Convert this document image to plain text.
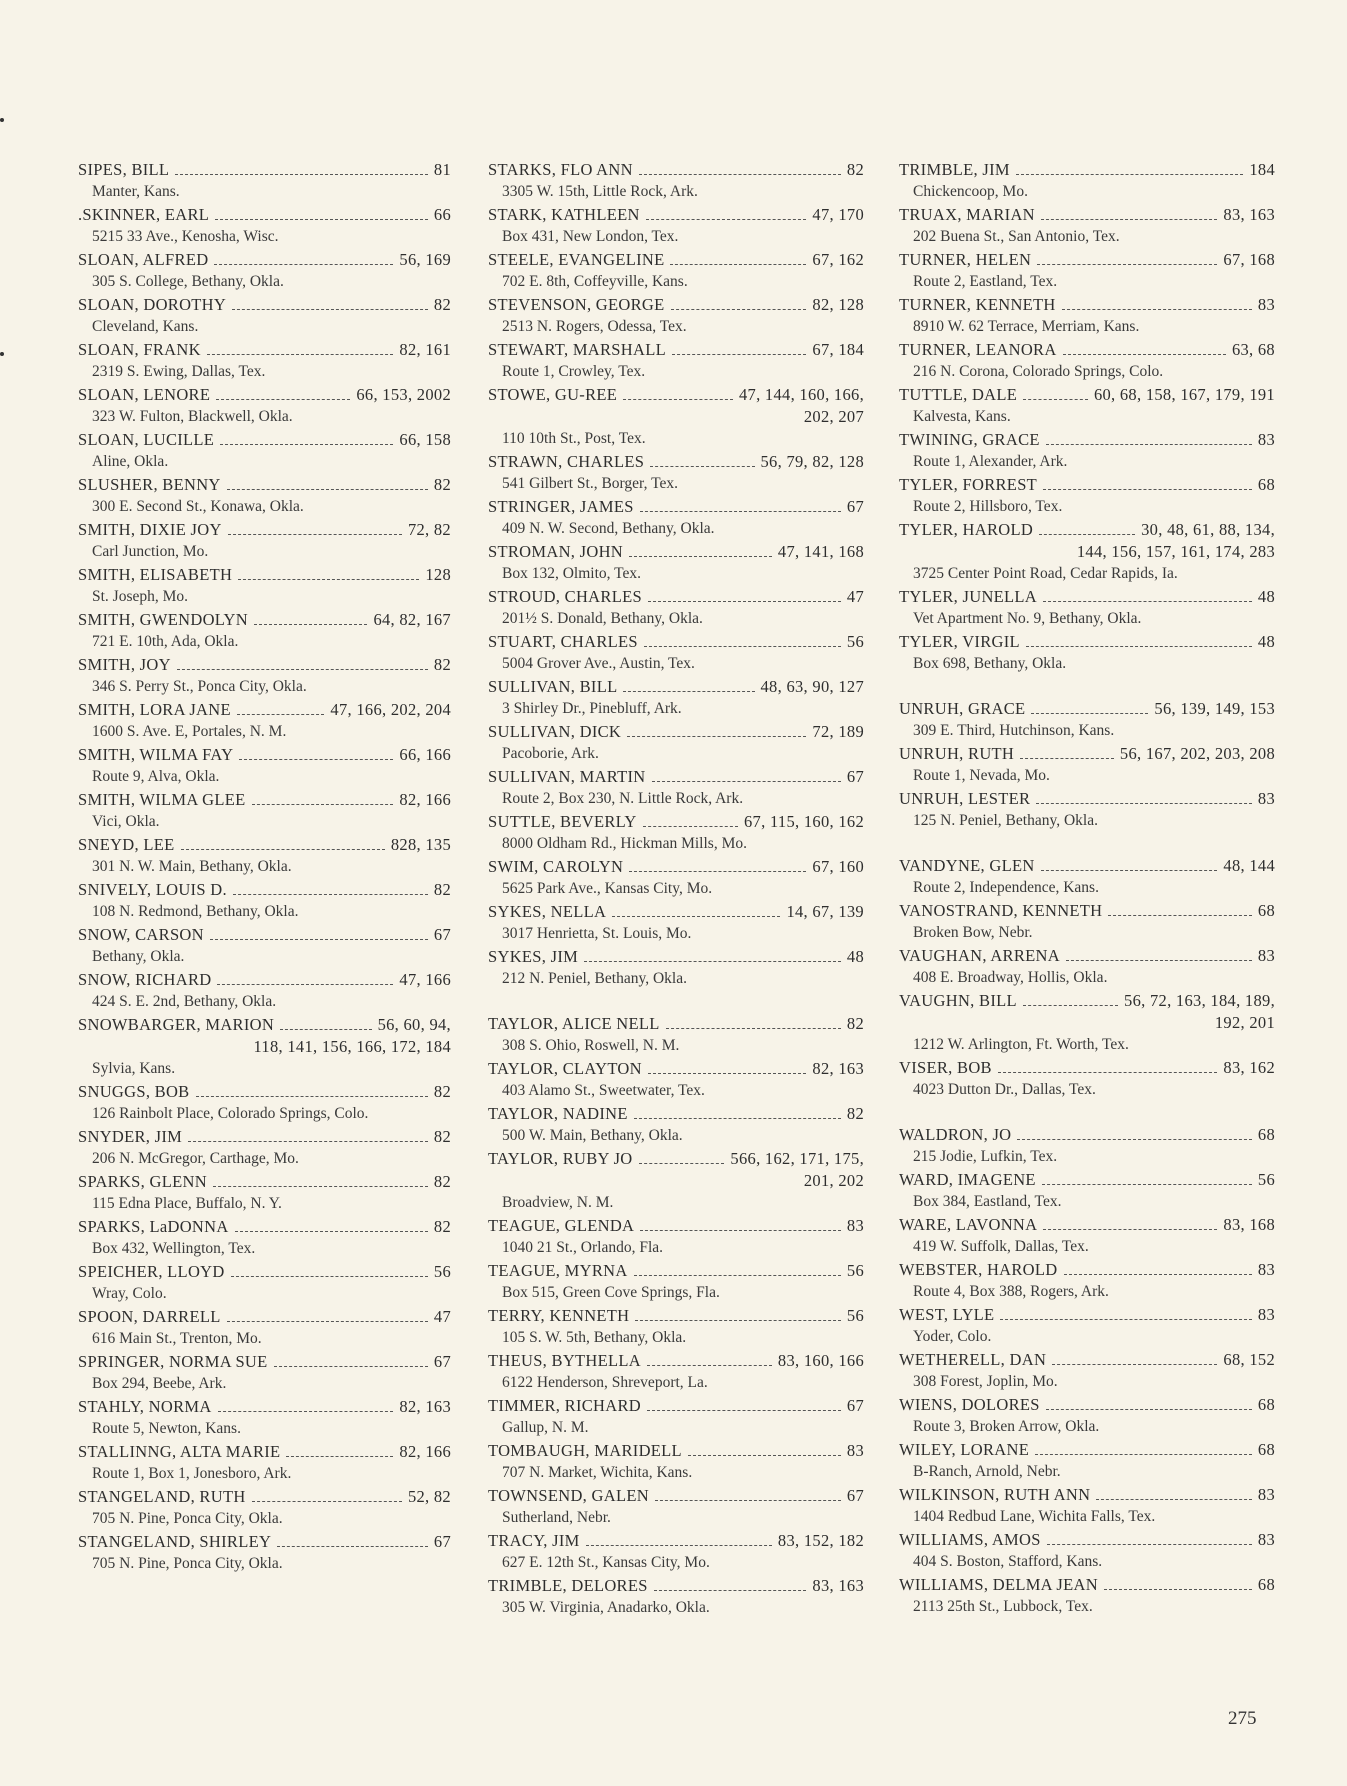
SIPES, BILL	81
Manter, Kans.
.SKINNER, EARL	66
5215 33 Ave., Kenosha, Wisc.
SLOAN, ALFRED	56, 169
305 S. College, Bethany, Okla.
SLOAN, DOROTHY	82
Cleveland, Kans.
SLOAN, FRANK	82, 161
2319 S. Ewing, Dallas, Tex.
SLOAN, LENORE	66, 153, 2002
323 W. Fulton, Blackwell, Okla.
SLOAN, LUCILLE	66, 158
Aline, Okla.
SLUSHER, BENNY	82
300 E. Second St., Konawa, Okla.
SMITH, DIXIE JOY	72, 82
Carl Junction, Mo.
SMITH, ELISABETH	128
St. Joseph, Mo.
SMITH, GWENDOLYN	64, 82, 167
721 E. 10th, Ada, Okla.
SMITH, JOY	82
346 S. Perry St., Ponca City, Okla.
SMITH, LORA JANE	47, 166, 202, 204
1600 S. Ave. E, Portales, N. M.
SMITH, WILMA FAY	66, 166
Route 9, Alva, Okla.
SMITH, WILMA GLEE	82, 166
Vici, Okla.
SNEYD, LEE	828, 135
301 N. W. Main, Bethany, Okla.
SNIVELY, LOUIS D.	82
108 N. Redmond, Bethany, Okla.
SNOW, CARSON	67
Bethany, Okla.
SNOW, RICHARD	47, 166
424 S. E. 2nd, Bethany, Okla.
SNOWBARGER, MARION	56, 60, 94,
118, 141, 156, 166, 172, 184
Sylvia, Kans.
SNUGGS, BOB	82
126 Rainbolt Place, Colorado Springs, Colo.
SNYDER, JIM	82
206 N. McGregor, Carthage, Mo.
SPARKS, GLENN	82
115 Edna Place, Buffalo, N. Y.
SPARKS, LaDONNA	82
Box 432, Wellington, Tex.
SPEICHER, LLOYD	56
Wray, Colo.
SPOON, DARRELL	47
616 Main St., Trenton, Mo.
SPRINGER, NORMA SUE	67
Box 294, Beebe, Ark.
STAHLY, NORMA	82, 163
Route 5, Newton, Kans.
STALLINNG, ALTA MARIE	82, 166
Route 1, Box 1, Jonesboro, Ark.
STANGELAND, RUTH	52, 82
705 N. Pine, Ponca City, Okla.
STANGELAND, SHIRLEY	67
705 N. Pine, Ponca City, Okla.
STARKS, FLO ANN	82
3305 W. 15th, Little Rock, Ark.
STARK, KATHLEEN	47, 170
Box 431, New London, Tex.
STEELE, EVANGELINE	67, 162
702 E. 8th, Coffeyville, Kans.
STEVENSON, GEORGE	82, 128
2513 N. Rogers, Odessa, Tex.
STEWART, MARSHALL	67, 184
Route 1, Crowley, Tex.
STOWE, GU-REE	47, 144, 160, 166,
202, 207
110 10th St., Post, Tex.
STRAWN, CHARLES	56, 79, 82, 128
541 Gilbert St., Borger, Tex.
STRINGER, JAMES	67
409 N. W. Second, Bethany, Okla.
STROMAN, JOHN	47, 141, 168
Box 132, Olmito, Tex.
STROUD, CHARLES	47
201½ S. Donald, Bethany, Okla.
STUART, CHARLES	56
5004 Grover Ave., Austin, Tex.
SULLIVAN, BILL	48, 63, 90, 127
3 Shirley Dr., Pinebluff, Ark.
SULLIVAN, DICK	72, 189
Pacoborie, Ark.
SULLIVAN, MARTIN	67
Route 2, Box 230, N. Little Rock, Ark.
SUTTLE, BEVERLY	67, 115, 160, 162
8000 Oldham Rd., Hickman Mills, Mo.
SWIM, CAROLYN	67, 160
5625 Park Ave., Kansas City, Mo.
SYKES, NELLA	14, 67, 139
3017 Henrietta, St. Louis, Mo.
SYKES, JIM	48
212 N. Peniel, Bethany, Okla.
TAYLOR, ALICE NELL	82
308 S. Ohio, Roswell, N. M.
TAYLOR, CLAYTON	82, 163
403 Alamo St., Sweetwater, Tex.
TAYLOR, NADINE	82
500 W. Main, Bethany, Okla.
TAYLOR, RUBY JO	566, 162, 171, 175,
201, 202
Broadview, N. M.
TEAGUE, GLENDA	83
1040 21 St., Orlando, Fla.
TEAGUE, MYRNA	56
Box 515, Green Cove Springs, Fla.
TERRY, KENNETH	56
105 S. W. 5th, Bethany, Okla.
THEUS, BYTHELLA	83, 160, 166
6122 Henderson, Shreveport, La.
TIMMER, RICHARD	67
Gallup, N. M.
TOMBAUGH, MARIDELL	83
707 N. Market, Wichita, Kans.
TOWNSEND, GALEN	67
Sutherland, Nebr.
TRACY, JIM	83, 152, 182
627 E. 12th St., Kansas City, Mo.
TRIMBLE, DELORES	83, 163
305 W. Virginia, Anadarko, Okla.
TRIMBLE, JIM	184
Chickencoop, Mo.
TRUAX, MARIAN	83, 163
202 Buena St., San Antonio, Tex.
TURNER, HELEN	67, 168
Route 2, Eastland, Tex.
TURNER, KENNETH	83
8910 W. 62 Terrace, Merriam, Kans.
TURNER, LEANORA	63, 68
216 N. Corona, Colorado Springs, Colo.
TUTTLE, DALE	60, 68, 158, 167, 179, 191
Kalvesta, Kans.
TWINING, GRACE	83
Route 1, Alexander, Ark.
TYLER, FORREST	68
Route 2, Hillsboro, Tex.
TYLER, HAROLD	30, 48, 61, 88, 134,
144, 156, 157, 161, 174, 283
3725 Center Point Road, Cedar Rapids, Ia.
TYLER, JUNELLA	48
Vet Apartment No. 9, Bethany, Okla.
TYLER, VIRGIL	48
Box 698, Bethany, Okla.
UNRUH, GRACE	56, 139, 149, 153
309 E. Third, Hutchinson, Kans.
UNRUH, RUTH	56, 167, 202, 203, 208
Route 1, Nevada, Mo.
UNRUH, LESTER	83
125 N. Peniel, Bethany, Okla.
VANDYNE, GLEN	48, 144
Route 2, Independence, Kans.
VANOSTRAND, KENNETH	68
Broken Bow, Nebr.
VAUGHAN, ARRENA	83
408 E. Broadway, Hollis, Okla.
VAUGHN, BILL	56, 72, 163, 184, 189,
192, 201
1212 W. Arlington, Ft. Worth, Tex.
VISER, BOB	83, 162
4023 Dutton Dr., Dallas, Tex.
WALDRON, JO	68
215 Jodie, Lufkin, Tex.
WARD, IMAGENE	56
Box 384, Eastland, Tex.
WARE, LAVONNA	83, 168
419 W. Suffolk, Dallas, Tex.
WEBSTER, HAROLD	83
Route 4, Box 388, Rogers, Ark.
WEST, LYLE	83
Yoder, Colo.
WETHERELL, DAN	68, 152
308 Forest, Joplin, Mo.
WIENS, DOLORES	68
Route 3, Broken Arrow, Okla.
WILEY, LORANE	68
B-Ranch, Arnold, Nebr.
WILKINSON, RUTH ANN	83
1404 Redbud Lane, Wichita Falls, Tex.
WILLIAMS, AMOS	83
404 S. Boston, Stafford, Kans.
WILLIAMS, DELMA JEAN	68
2113 25th St., Lubbock, Tex.
275
